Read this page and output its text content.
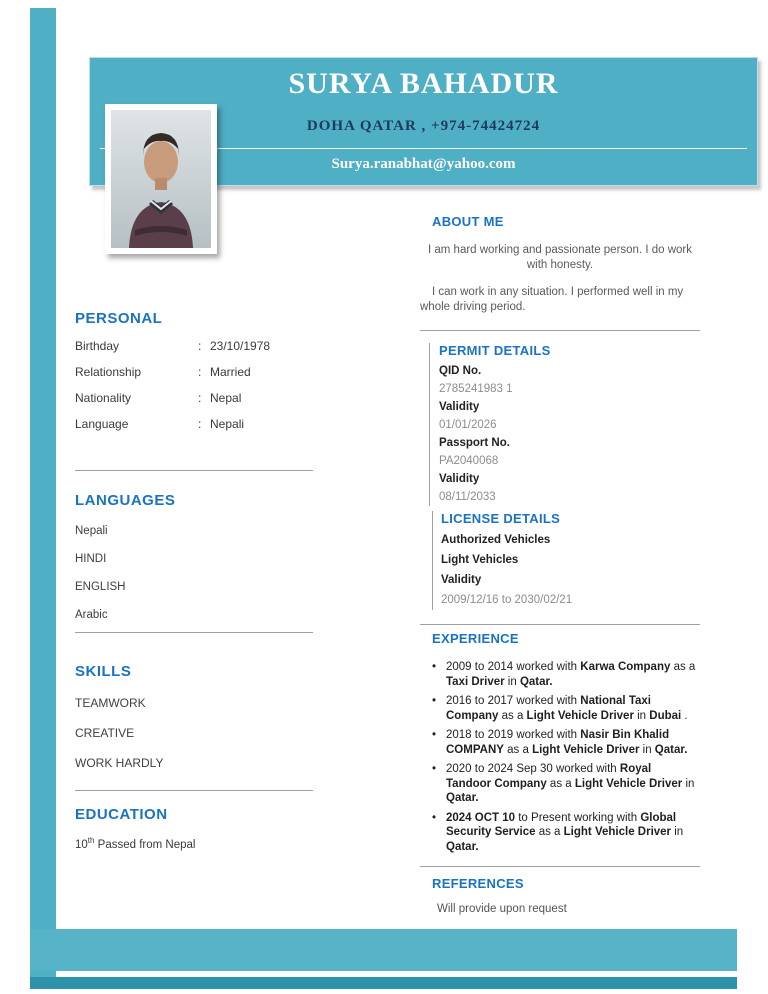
SURYA BAHADUR
DOHA QATAR , +974-74424724
Surya.ranabhat@yahoo.com
PERSONAL
Birthday	: 23/10/1978
Relationship	: Married
Nationality	: Nepal
Language	: Nepali
LANGUAGES
Nepali
HINDI
ENGLISH
Arabic
SKILLS
TEAMWORK
CREATIVE
WORK HARDLY
EDUCATION
10th Passed from Nepal
ABOUT ME
I am hard working and passionate person. I do work with honesty.
I can work in any situation. I performed well in my whole driving period.
PERMIT DETAILS
QID No.
2785241983 1
Validity
01/01/2026
Passport No.
PA2040068
Validity
08/11/2033
LICENSE DETAILS
Authorized Vehicles
Light Vehicles
Validity
2009/12/16 to 2030/02/21
EXPERIENCE
• 2009 to 2014 worked with Karwa Company as a Taxi Driver in Qatar.
• 2016 to 2017 worked with National Taxi Company as a Light Vehicle Driver in Dubai .
• 2018 to 2019 worked with Nasir Bin Khalid COMPANY as a Light Vehicle Driver in Qatar.
• 2020 to 2024 Sep 30 worked with Royal Tandoor Company as a Light Vehicle Driver in Qatar.
• 2024 OCT 10 to Present working with Global Security Service as a Light Vehicle Driver in Qatar.
REFERENCES
Will provide upon request
